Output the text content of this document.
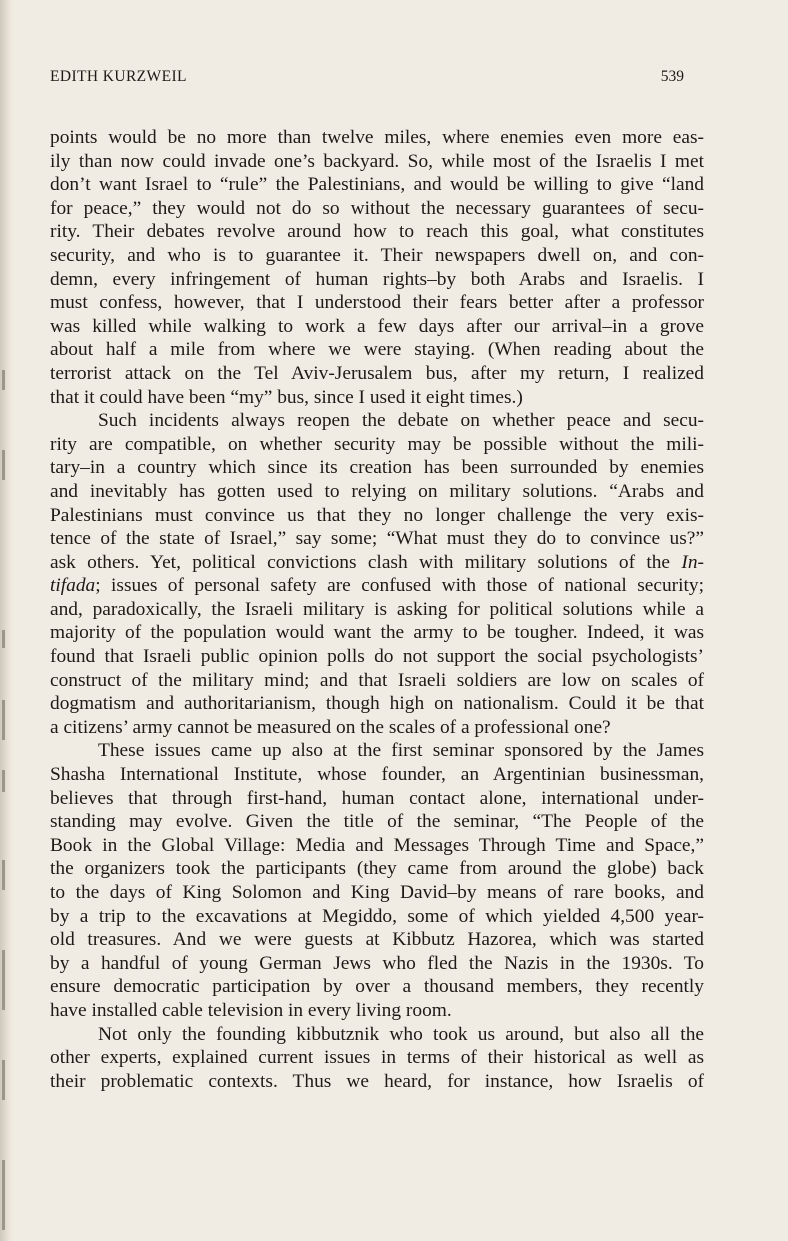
EDITH KURZWEIL	539
points would be no more than twelve miles, where enemies even more eas-
ily than now could invade one’s backyard. So, while most of the Israelis I met
don’t want Israel to “rule” the Palestinians, and would be willing to give “land
for peace,” they would not do so without the necessary guarantees of secu-
rity. Their debates revolve around how to reach this goal, what constitutes
security, and who is to guarantee it. Their newspapers dwell on, and con-
demn, every infringement of human rights–by both Arabs and Israelis. I
must confess, however, that I understood their fears better after a professor
was killed while walking to work a few days after our arrival–in a grove
about half a mile from where we were staying. (When reading about the
terrorist attack on the Tel Aviv-Jerusalem bus, after my return, I realized
that it could have been “my” bus, since I used it eight times.)
Such incidents always reopen the debate on whether peace and secu-
rity are compatible, on whether security may be possible without the mili-
tary–in a country which since its creation has been surrounded by enemies
and inevitably has gotten used to relying on military solutions. “Arabs and
Palestinians must convince us that they no longer challenge the very exis-
tence of the state of Israel,” say some; “What must they do to convince us?”
ask others. Yet, political convictions clash with military solutions of the In-
tifada; issues of personal safety are confused with those of national security;
and, paradoxically, the Israeli military is asking for political solutions while a
majority of the population would want the army to be tougher. Indeed, it was
found that Israeli public opinion polls do not support the social psychologists’
construct of the military mind; and that Israeli soldiers are low on scales of
dogmatism and authoritarianism, though high on nationalism. Could it be that
a citizens’ army cannot be measured on the scales of a professional one?
These issues came up also at the first seminar sponsored by the James
Shasha International Institute, whose founder, an Argentinian businessman,
believes that through first-hand, human contact alone, international under-
standing may evolve. Given the title of the seminar, “The People of the
Book in the Global Village: Media and Messages Through Time and Space,”
the organizers took the participants (they came from around the globe) back
to the days of King Solomon and King David–by means of rare books, and
by a trip to the excavations at Megiddo, some of which yielded 4,500 year-
old treasures. And we were guests at Kibbutz Hazorea, which was started
by a handful of young German Jews who fled the Nazis in the 1930s. To
ensure democratic participation by over a thousand members, they recently
have installed cable television in every living room.
Not only the founding kibbutznik who took us around, but also all the
other experts, explained current issues in terms of their historical as well as
their problematic contexts. Thus we heard, for instance, how Israelis of
